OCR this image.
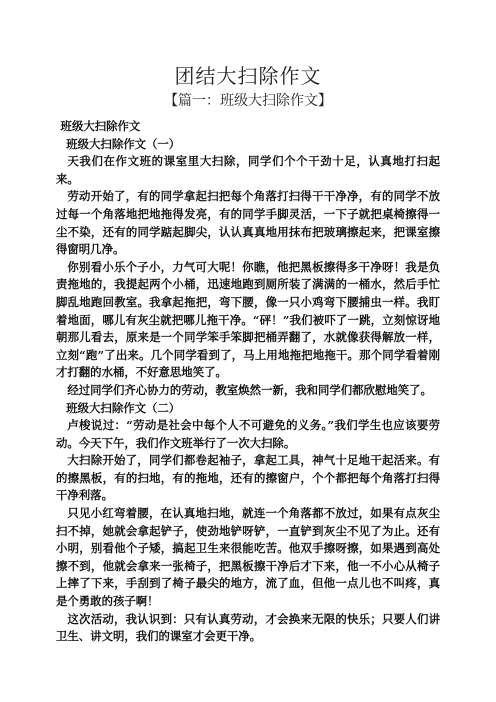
团结大扫除作文
【篇一：班级大扫除作文】

班级大扫除作文

班级大扫除作文（一）

天我们在作文班的课室里大扫除，同学们个个干劲十足，认真地打扫起来。

劳动开始了，有的同学拿起扫把每个角落打扫得干干净净，有的同学不放过每一个角落地把地拖得发亮，有的同学手脚灵活，一下子就把桌椅擦得一尘不染，还有的同学踮起脚尖，认认真真地用抹布把玻璃擦起来，把课室擦得窗明几净。

你别看小乐个子小，力气可大呢！你瞧，他把黑板擦得多干净呀！我是负责拖地的，我提起两个小桶，迅速地跑到厕所装了满满的一桶水，然后手忙脚乱地跑回教室。我拿起拖把，弯下腰，像一只小鸡弯下腰捕虫一样。我盯着地面，哪儿有灰尘就把哪儿拖干净。“砰！”我们被吓了一跳，立刻惊讶地朝那儿看去，原来是一个同学笨手笨脚把桶弄翻了，水就像获得解放一样，立刻“跑”了出来。几个同学看到了，马上用地拖把地拖干。那个同学看着刚才打翻的水桶，不好意思地笑了。

经过同学们齐心协力的劳动，教室焕然一新，我和同学们都欣慰地笑了。

班级大扫除作文（二）

卢梭说过：“劳动是社会中每个人不可避免的义务。”我们学生也应该要劳动。今天下午，我们作文班举行了一次大扫除。

大扫除开始了，同学们都卷起袖子，拿起工具，神气十足地干起活来。有的擦黑板，有的扫地，有的拖地，还有的擦窗户，个个都把每个角落打扫得干净利落。

只见小红弯着腰，在认真地扫地，就连一个角落都不放过，如果有点灰尘扫不掉，她就会拿起铲子，使劲地铲呀铲，一直铲到灰尘不见了为止。还有小明，别看他个子矮，搞起卫生来很能吃苦。他双手擦呀擦，如果遇到高处擦不到，他就会拿来一张椅子，把黑板擦干净后才下来，他一不小心从椅子上摔了下来，手刮到了椅子最尖的地方，流了血，但他一点儿也不叫疼，真是个勇敢的孩子啊！

这次活动，我认识到：只有认真劳动，才会换来无限的快乐；只要人们讲卫生、讲文明，我们的课室才会更干净。
